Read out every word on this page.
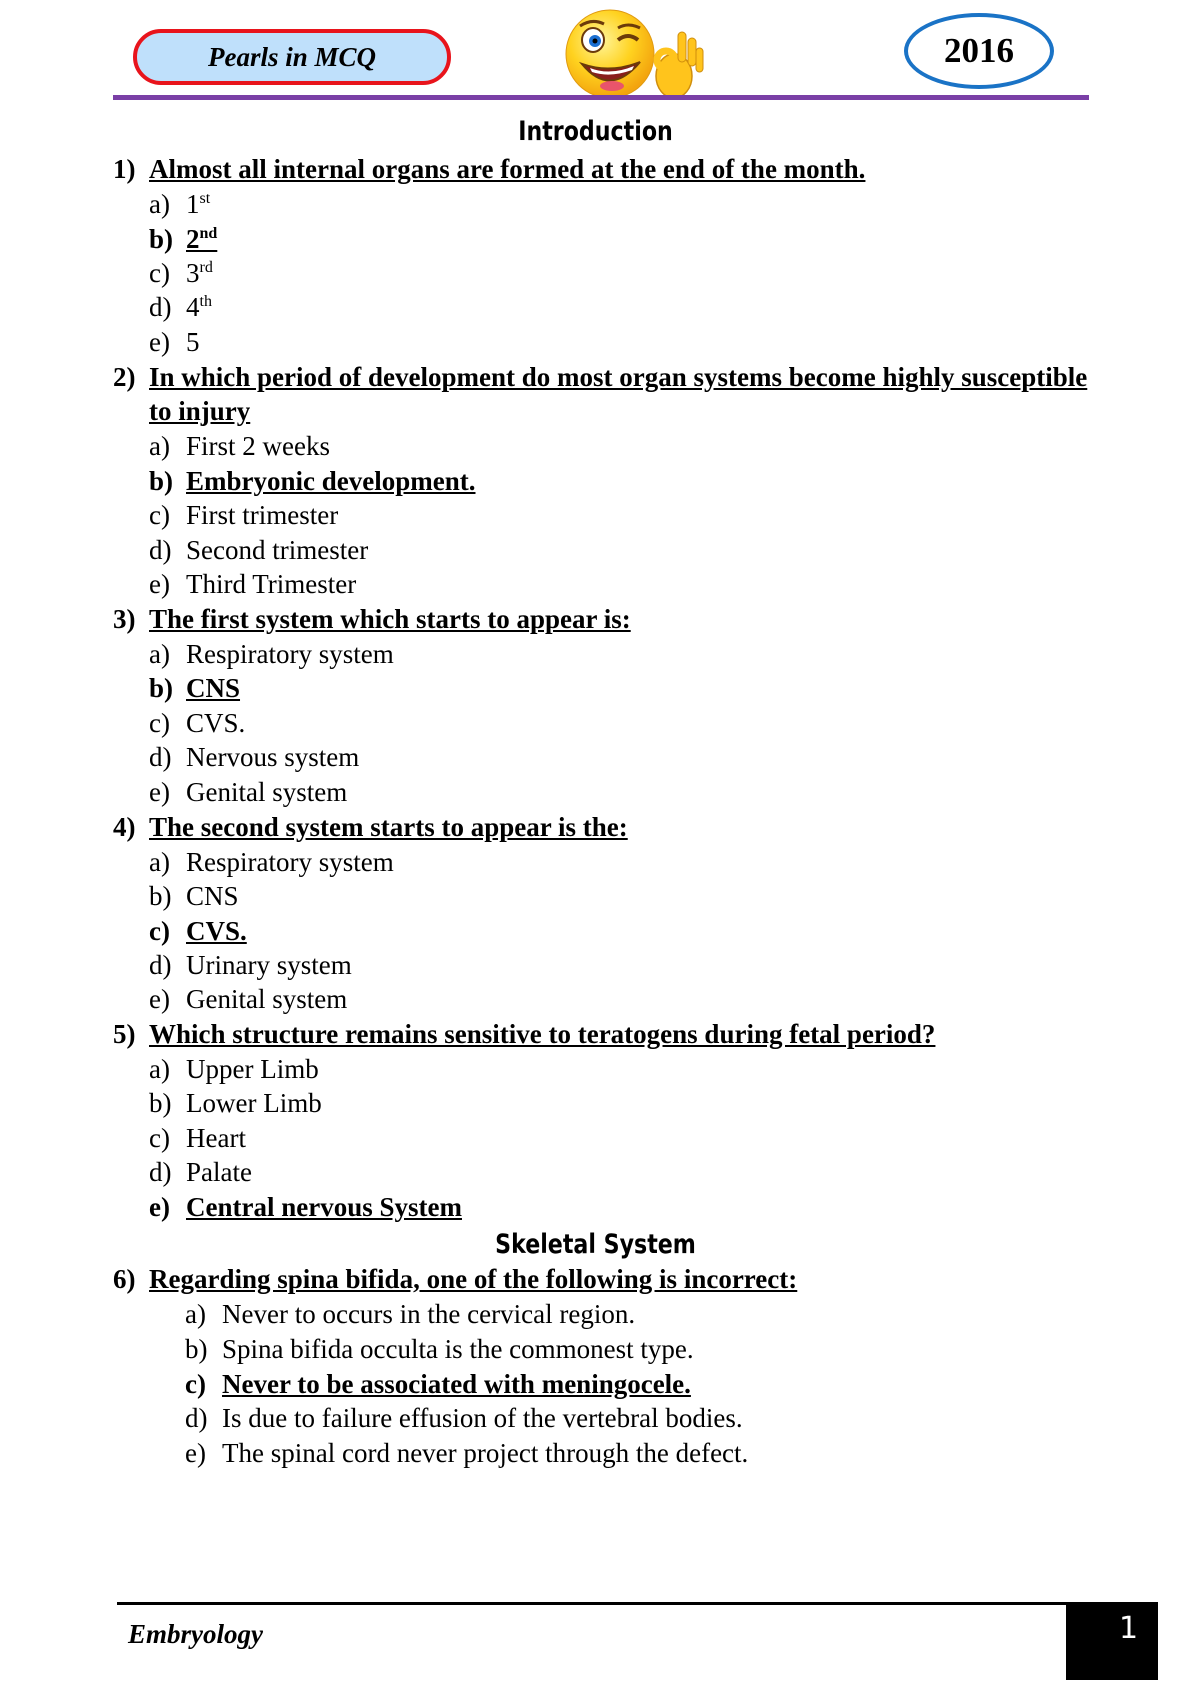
Pearls in MCQ	2016
Introduction
1) Almost all internal organs are formed at the end of the month.
a) 1st
b) 2nd
c) 3rd
d) 4th
e) 5
2) In which period of development do most organ systems become highly susceptible to injury
a) First 2 weeks
b) Embryonic development.
c) First trimester
d) Second trimester
e) Third Trimester
3) The first system which starts to appear is:
a) Respiratory system
b) CNS
c) CVS.
d) Nervous system
e) Genital system
4) The second system starts to appear is the:
a) Respiratory system
b) CNS
c) CVS.
d) Urinary system
e) Genital system
5) Which structure remains sensitive to teratogens during fetal period?
a) Upper Limb
b) Lower Limb
c) Heart
d) Palate
e) Central nervous System
Skeletal System
6) Regarding spina bifida, one of the following is incorrect:
a) Never to occurs in the cervical region.
b) Spina bifida occulta is the commonest type.
c) Never to be associated with meningocele.
d) Is due to failure effusion of the vertebral bodies.
e) The spinal cord never project through the defect.
Embryology	1
